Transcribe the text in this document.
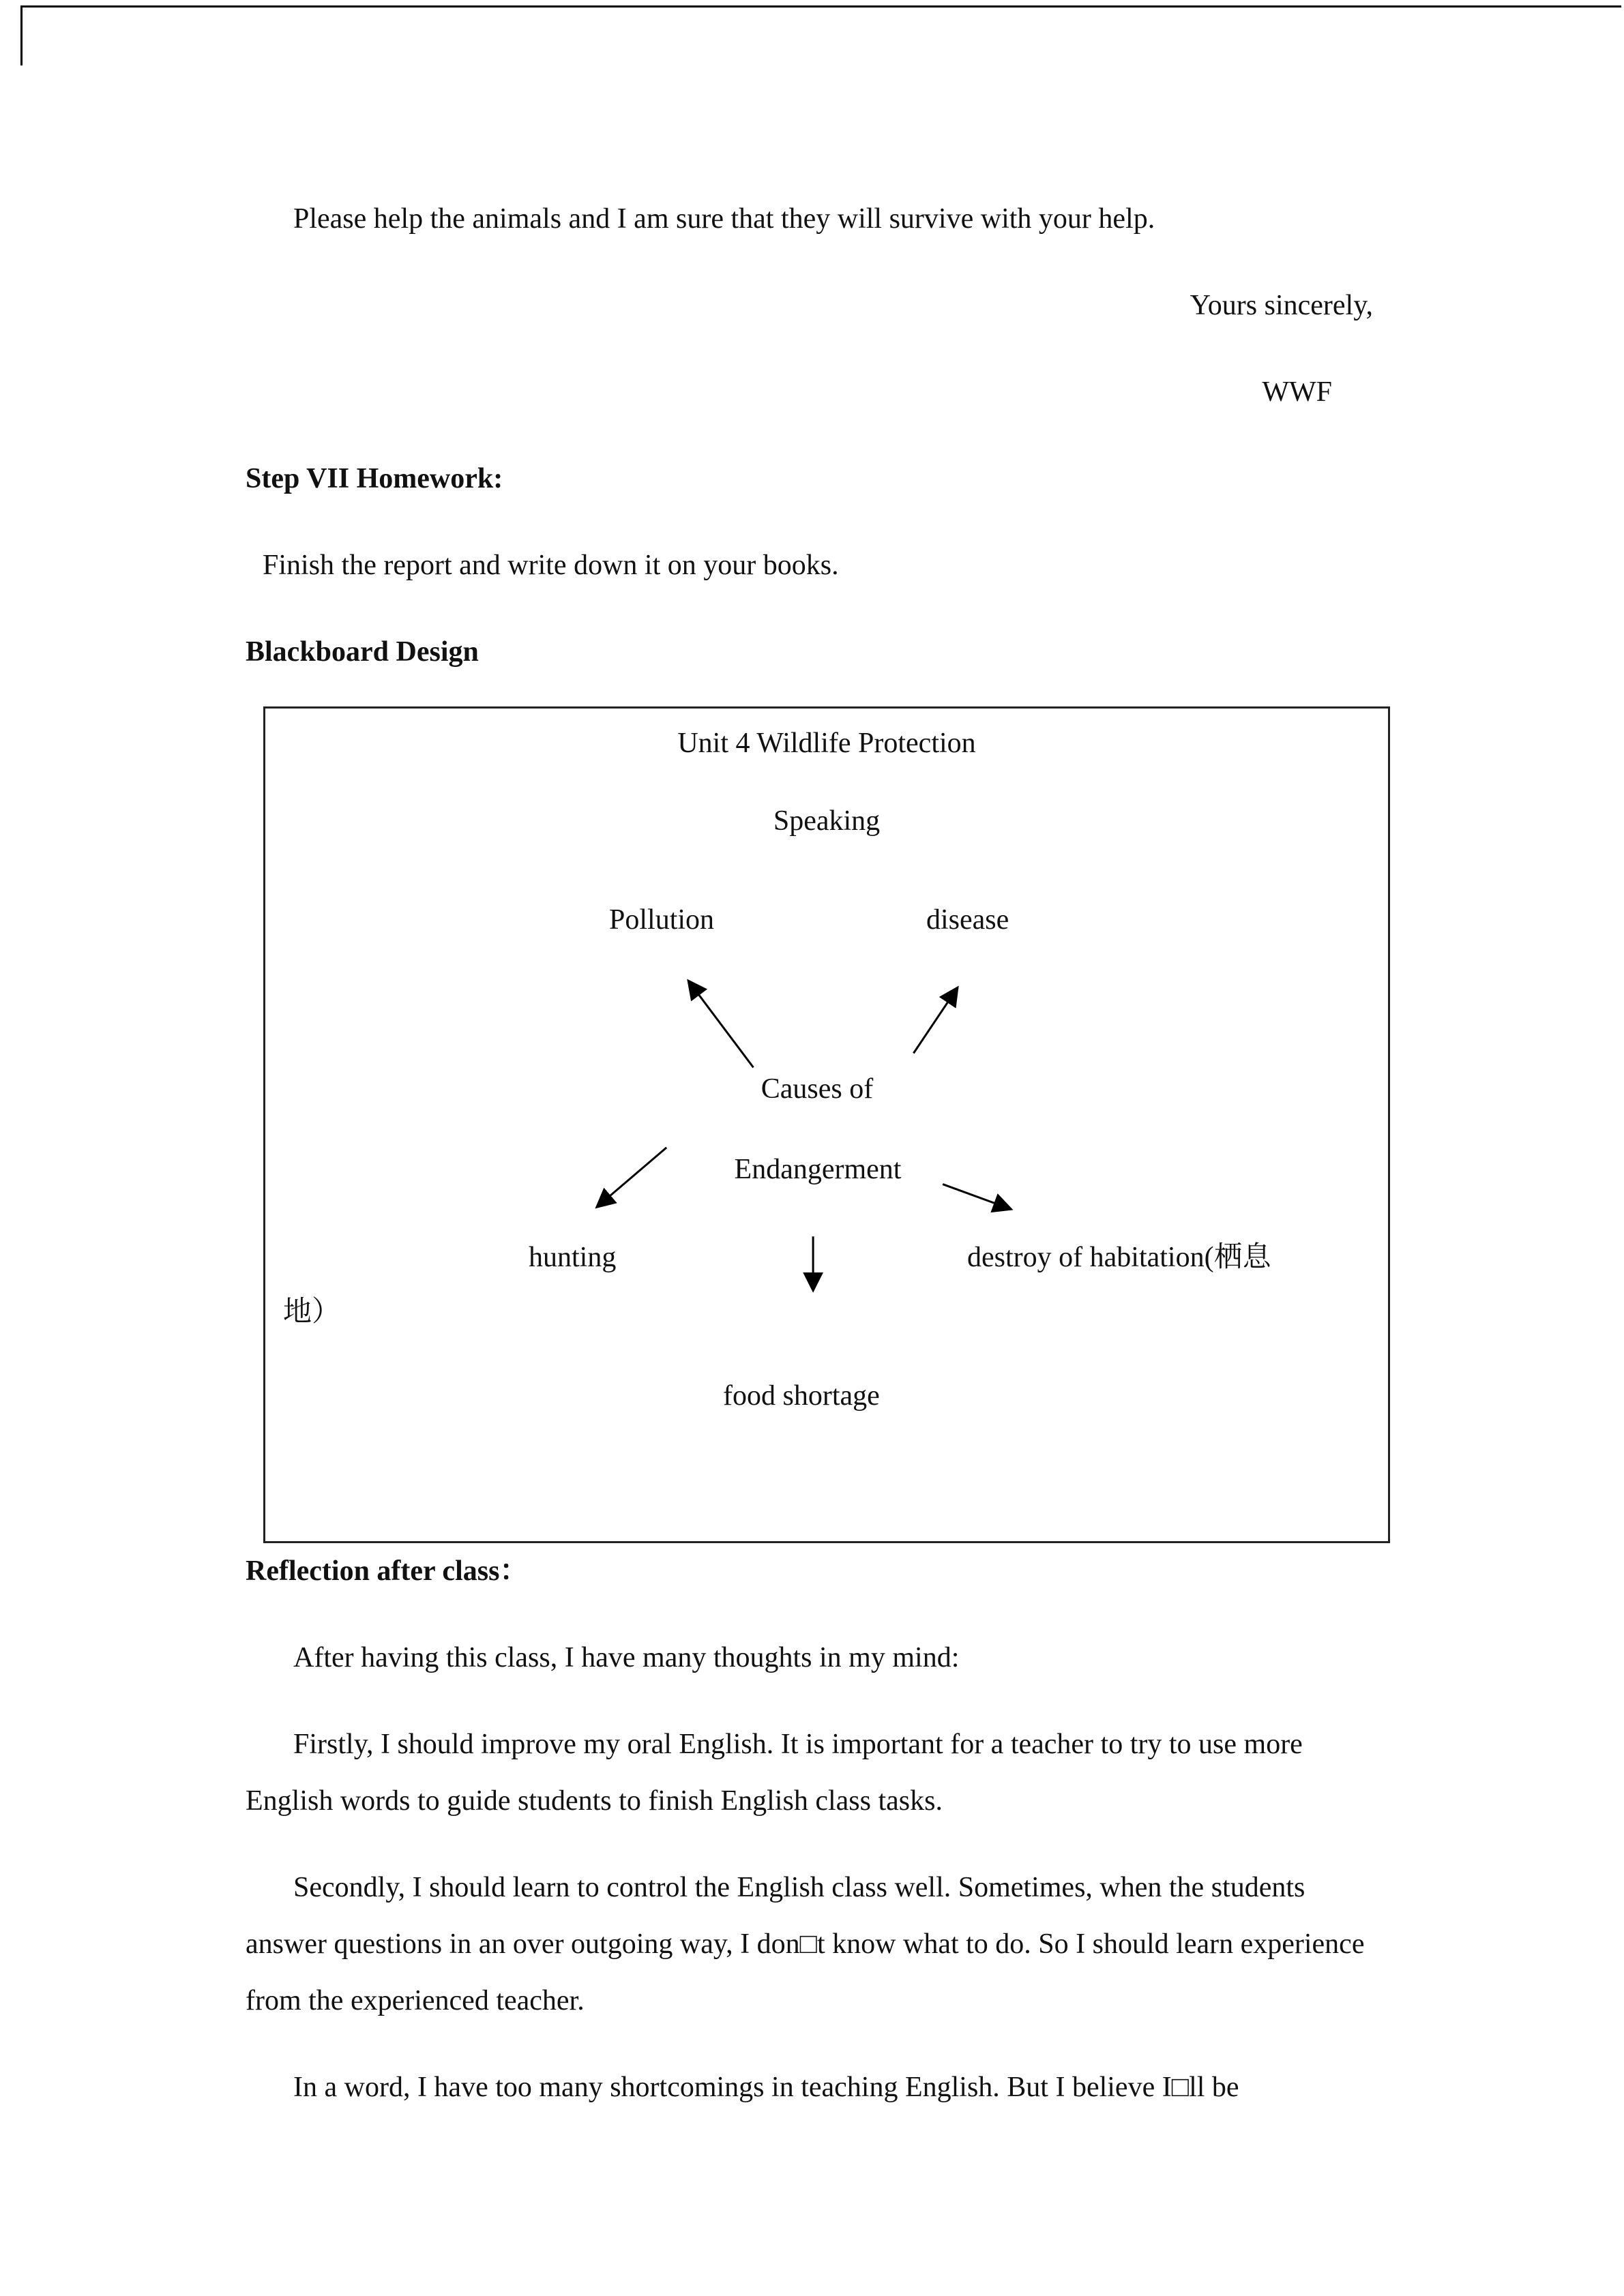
Please help the animals and I am sure that they will survive with your help.

Yours sincerely,

WWF

Step VII Homework:

Finish the report and write down it on your books.

Blackboard Design
Unit 4 Wildlife Protection
Speaking
Pollution	disease
Causes of
Endangerment
hunting	destroy of habitation(栖息
地）
food shortage
Reflection after class：

After having this class, I have many thoughts in my mind:

Firstly, I should improve my oral English. It is important for a teacher to try to use more English words to guide students to finish English class tasks.

Secondly, I should learn to control the English class well. Sometimes, when the students answer questions in an over outgoing way, I don□t know what to do. So I should learn experience from the experienced teacher.

In a word, I have too many shortcomings in teaching English. But I believe I□ll be
